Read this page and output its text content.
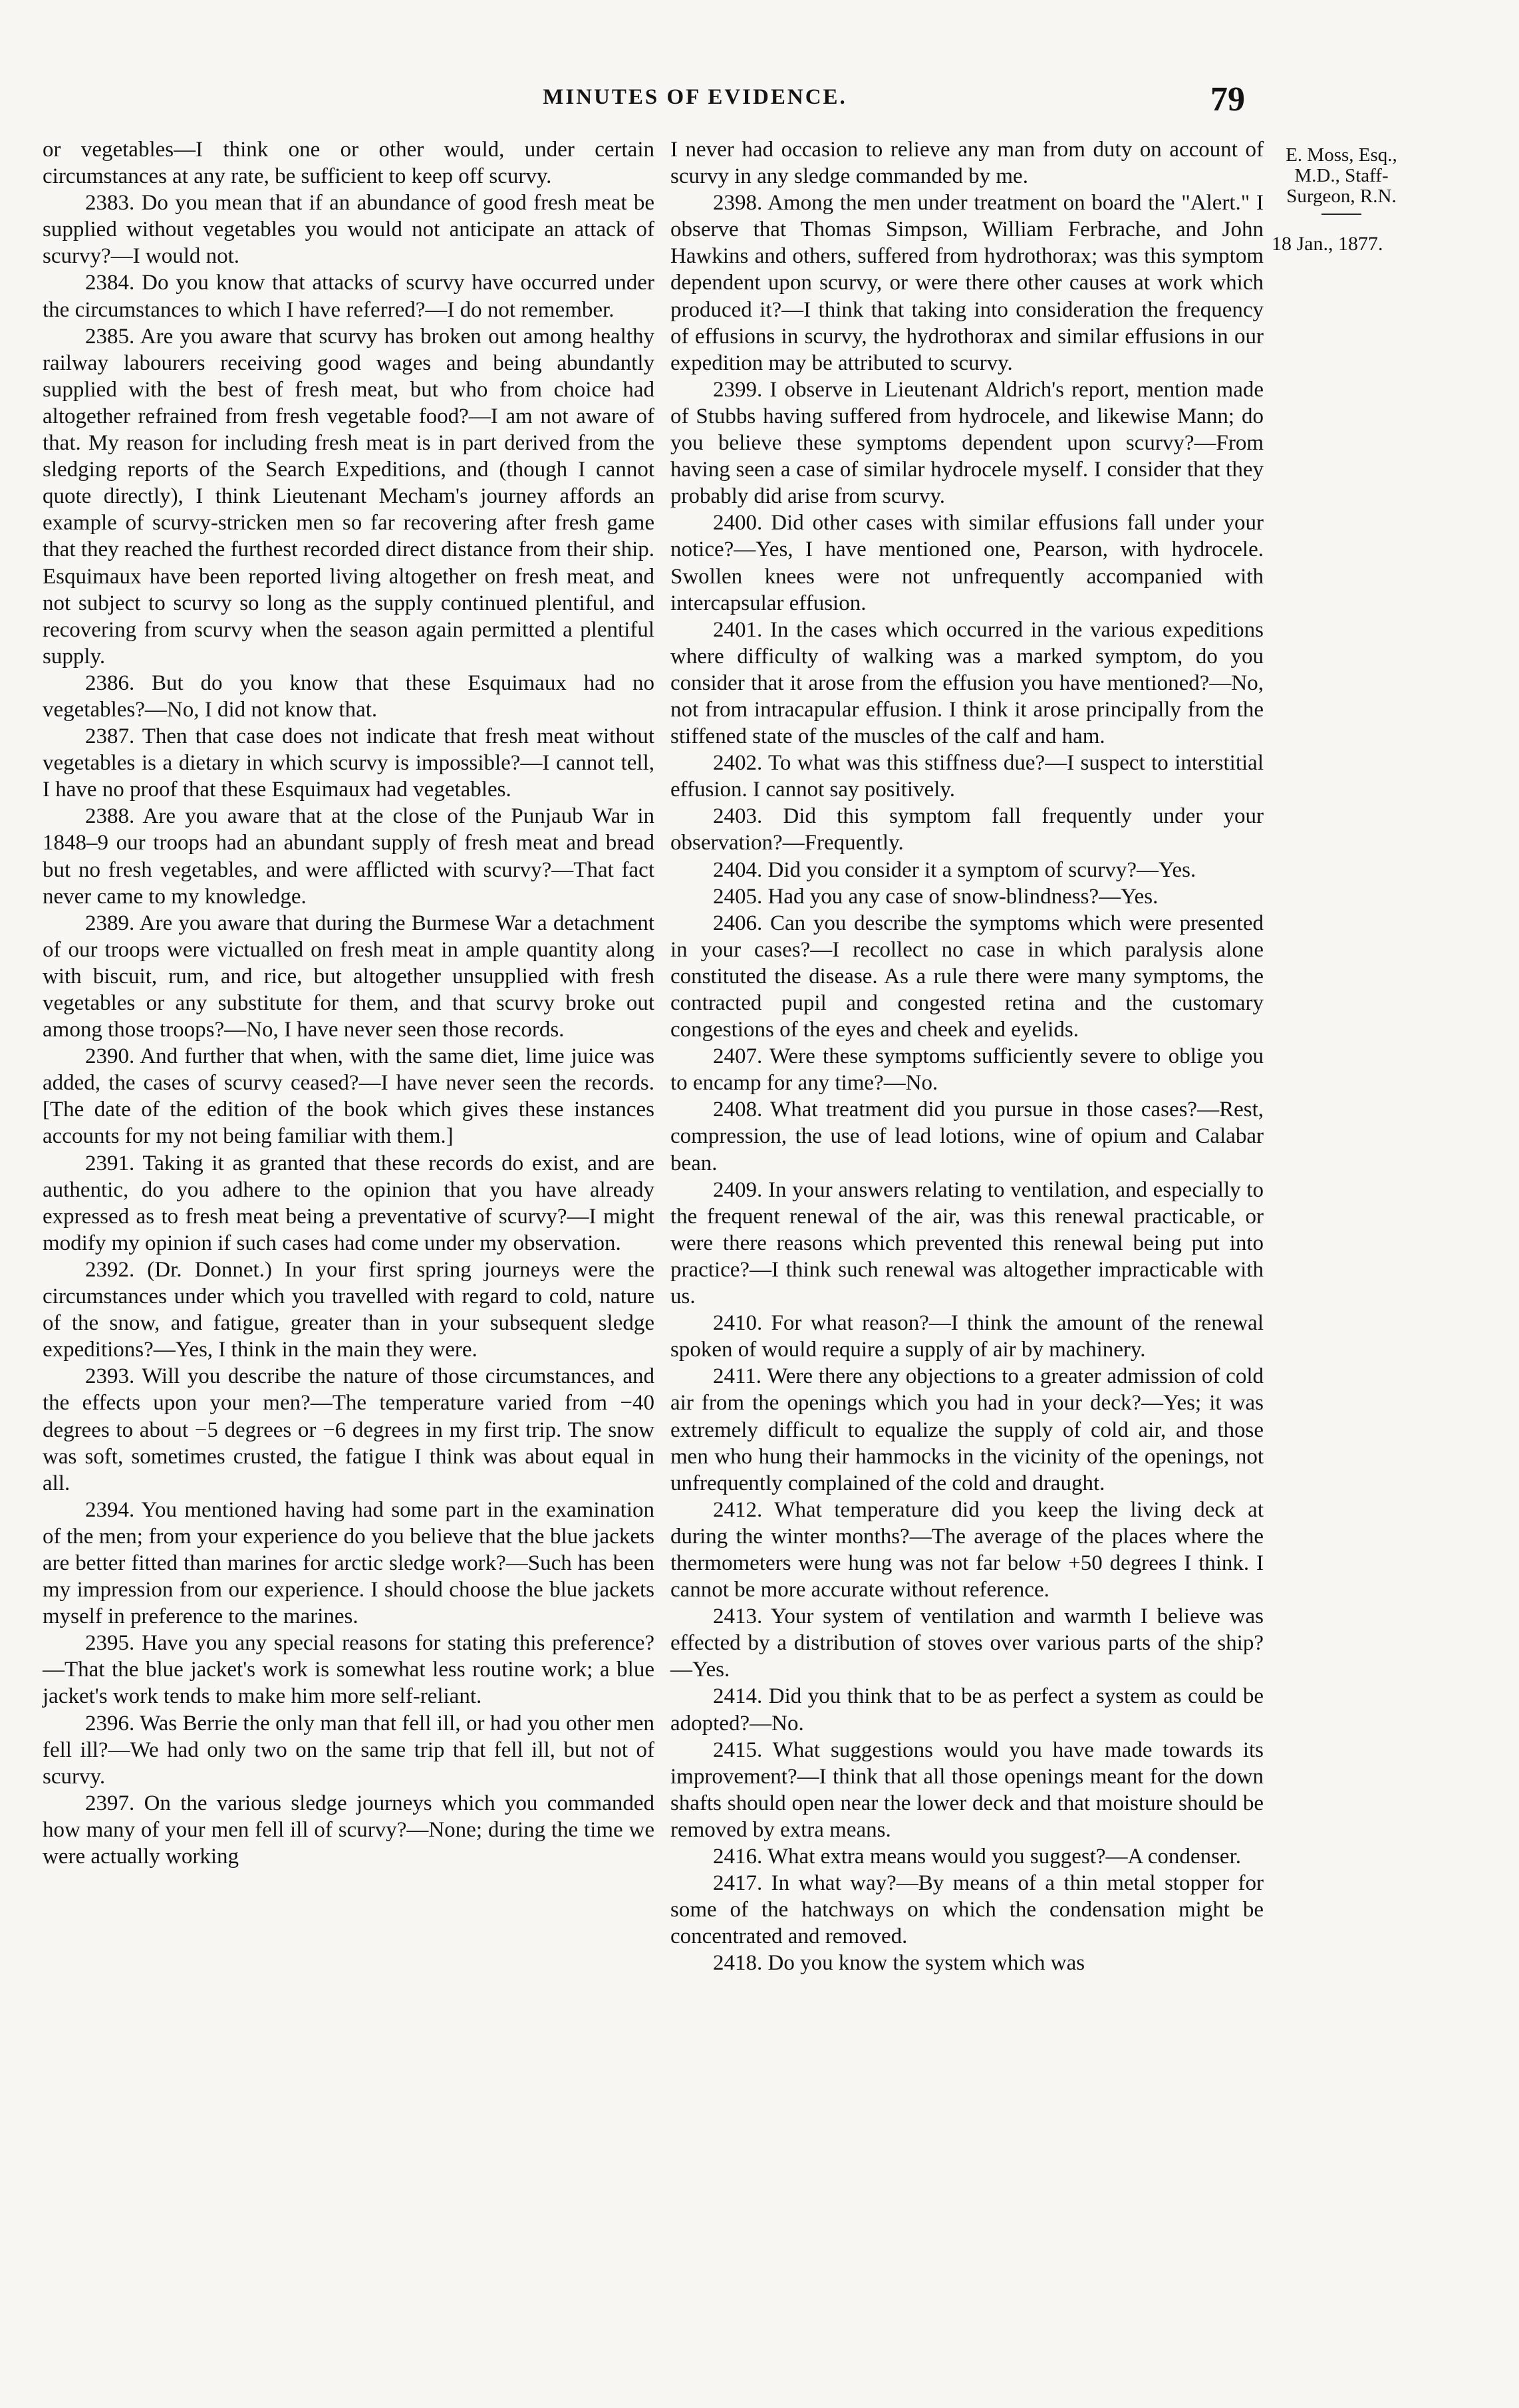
MINUTES OF EVIDENCE.	79

or vegetables—I think one or other would, under certain circumstances at any rate, be sufficient to keep off scurvy.

2383. Do you mean that if an abundance of good fresh meat be supplied without vegetables you would not anticipate an attack of scurvy?—I would not.

2384. Do you know that attacks of scurvy have occurred under the circumstances to which I have referred?—I do not remember.

2385. Are you aware that scurvy has broken out among healthy railway labourers receiving good wages and being abundantly supplied with the best of fresh meat, but who from choice had altogether refrained from fresh vegetable food?—I am not aware of that. My reason for including fresh meat is in part derived from the sledging reports of the Search Expeditions, and (though I cannot quote directly), I think Lieutenant Mecham's journey affords an example of scurvy-stricken men so far recovering after fresh game that they reached the furthest recorded direct distance from their ship. Esquimaux have been reported living altogether on fresh meat, and not subject to scurvy so long as the supply continued plentiful, and recovering from scurvy when the season again permitted a plentiful supply.

2386. But do you know that these Esquimaux had no vegetables?—No, I did not know that.

2387. Then that case does not indicate that fresh meat without vegetables is a dietary in which scurvy is impossible?—I cannot tell, I have no proof that these Esquimaux had vegetables.

2388. Are you aware that at the close of the Punjaub War in 1848–9 our troops had an abundant supply of fresh meat and bread but no fresh vegetables, and were afflicted with scurvy?—That fact never came to my knowledge.

2389. Are you aware that during the Burmese War a detachment of our troops were victualled on fresh meat in ample quantity along with biscuit, rum, and rice, but altogether unsupplied with fresh vegetables or any substitute for them, and that scurvy broke out among those troops?—No, I have never seen those records.

2390. And further that when, with the same diet, lime juice was added, the cases of scurvy ceased?—I have never seen the records. [The date of the edition of the book which gives these instances accounts for my not being familiar with them.]

2391. Taking it as granted that these records do exist, and are authentic, do you adhere to the opinion that you have already expressed as to fresh meat being a preventative of scurvy?—I might modify my opinion if such cases had come under my observation.

2392. (Dr. Donnet.) In your first spring journeys were the circumstances under which you travelled with regard to cold, nature of the snow, and fatigue, greater than in your subsequent sledge expeditions?—Yes, I think in the main they were.

2393. Will you describe the nature of those circumstances, and the effects upon your men?—The temperature varied from −40 degrees to about −5 degrees or −6 degrees in my first trip. The snow was soft, sometimes crusted, the fatigue I think was about equal in all.

2394. You mentioned having had some part in the examination of the men; from your experience do you believe that the blue jackets are better fitted than marines for arctic sledge work?—Such has been my impression from our experience. I should choose the blue jackets myself in preference to the marines.

2395. Have you any special reasons for stating this preference?—That the blue jacket's work is somewhat less routine work; a blue jacket's work tends to make him more self-reliant.

2396. Was Berrie the only man that fell ill, or had you other men fell ill?—We had only two on the same trip that fell ill, but not of scurvy.

2397. On the various sledge journeys which you commanded how many of your men fell ill of scurvy?—None; during the time we were actually working

I never had occasion to relieve any man from duty on account of scurvy in any sledge commanded by me.

2398. Among the men under treatment on board the "Alert." I observe that Thomas Simpson, William Ferbrache, and John Hawkins and others, suffered from hydrothorax; was this symptom dependent upon scurvy, or were there other causes at work which produced it?—I think that taking into consideration the frequency of effusions in scurvy, the hydrothorax and similar effusions in our expedition may be attributed to scurvy.

2399. I observe in Lieutenant Aldrich's report, mention made of Stubbs having suffered from hydrocele, and likewise Mann; do you believe these symptoms dependent upon scurvy?—From having seen a case of similar hydrocele myself. I consider that they probably did arise from scurvy.

2400. Did other cases with similar effusions fall under your notice?—Yes, I have mentioned one, Pearson, with hydrocele. Swollen knees were not unfrequently accompanied with intercapsular effusion.

2401. In the cases which occurred in the various expeditions where difficulty of walking was a marked symptom, do you consider that it arose from the effusion you have mentioned?—No, not from intracapular effusion. I think it arose principally from the stiffened state of the muscles of the calf and ham.

2402. To what was this stiffness due?—I suspect to interstitial effusion. I cannot say positively.

2403. Did this symptom fall frequently under your observation?—Frequently.

2404. Did you consider it a symptom of scurvy?—Yes.

2405. Had you any case of snow-blindness?—Yes.

2406. Can you describe the symptoms which were presented in your cases?—I recollect no case in which paralysis alone constituted the disease. As a rule there were many symptoms, the contracted pupil and congested retina and the customary congestions of the eyes and cheek and eyelids.

2407. Were these symptoms sufficiently severe to oblige you to encamp for any time?—No.

2408. What treatment did you pursue in those cases?—Rest, compression, the use of lead lotions, wine of opium and Calabar bean.

2409. In your answers relating to ventilation, and especially to the frequent renewal of the air, was this renewal practicable, or were there reasons which prevented this renewal being put into practice?—I think such renewal was altogether impracticable with us.

2410. For what reason?—I think the amount of the renewal spoken of would require a supply of air by machinery.

2411. Were there any objections to a greater admission of cold air from the openings which you had in your deck?—Yes; it was extremely difficult to equalize the supply of cold air, and those men who hung their hammocks in the vicinity of the openings, not unfrequently complained of the cold and draught.

2412. What temperature did you keep the living deck at during the winter months?—The average of the places where the thermometers were hung was not far below +50 degrees I think. I cannot be more accurate without reference.

2413. Your system of ventilation and warmth I believe was effected by a distribution of stoves over various parts of the ship?—Yes.

2414. Did you think that to be as perfect a system as could be adopted?—No.

2415. What suggestions would you have made towards its improvement?—I think that all those openings meant for the down shafts should open near the lower deck and that moisture should be removed by extra means.

2416. What extra means would you suggest?—A condenser.

2417. In what way?—By means of a thin metal stopper for some of the hatchways on which the condensation might be concentrated and removed.

2418. Do you know the system which was

E. Moss, Esq., M.D., Staff-Surgeon, R.N.
18 Jan., 1877.
